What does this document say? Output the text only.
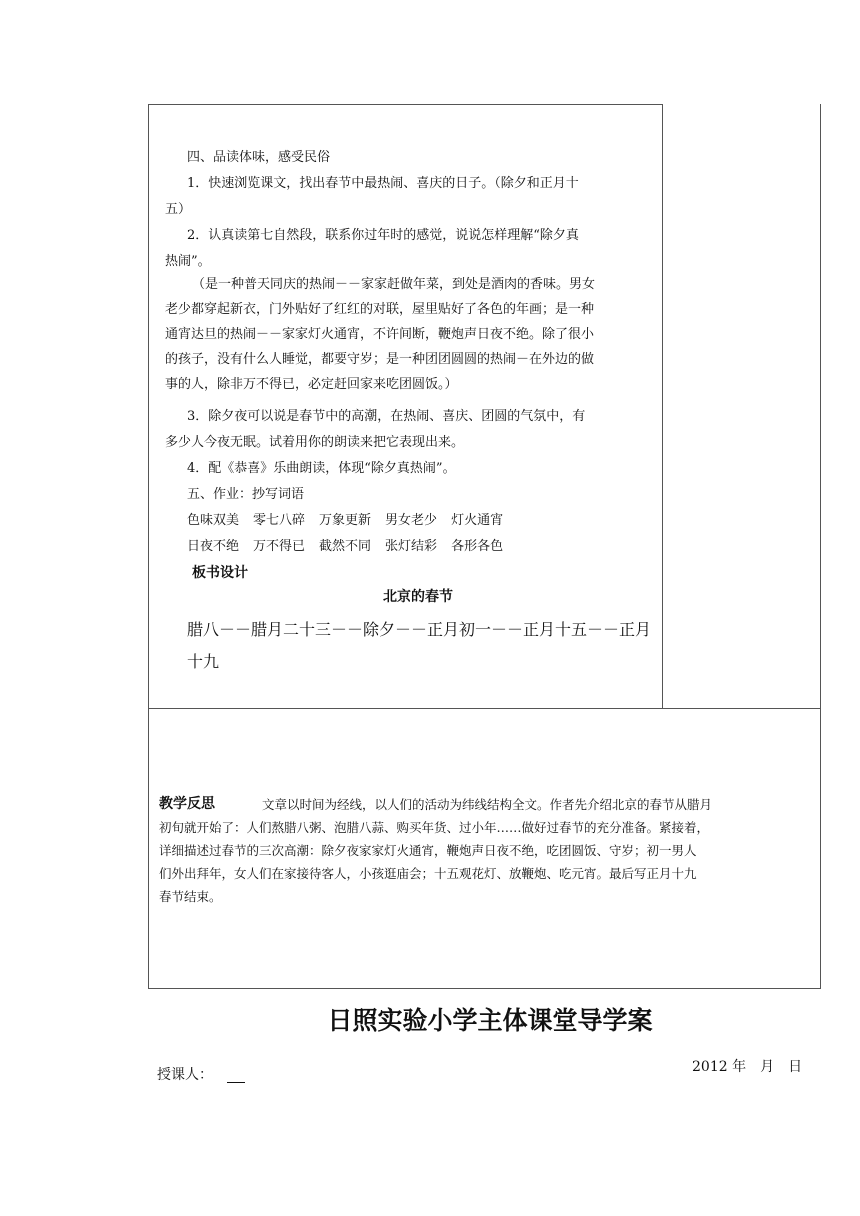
四、品读体味，感受民俗
1．快速浏览课文，找出春节中最热闹、喜庆的日子。（除夕和正月十
五）
2．认真读第七自然段，联系你过年时的感觉，说说怎样理解“除夕真
热闹”。
（是一种普天同庆的热闹－－家家赶做年菜，到处是酒肉的香味。男女
老少都穿起新衣，门外贴好了红红的对联，屋里贴好了各色的年画；是一种
通宵达旦的热闹－－家家灯火通宵，不许间断，鞭炮声日夜不绝。除了很小
的孩子，没有什么人睡觉，都要守岁；是一种团团圆圆的热闹－在外边的做
事的人，除非万不得已，必定赶回家来吃团圆饭。）
3．除夕夜可以说是春节中的高潮，在热闹、喜庆、团圆的气氛中，有
多少人今夜无眠。试着用你的朗读来把它表现出来。
4．配《恭喜》乐曲朗读，体现“除夕真热闹”。
五、作业：抄写词语
色味双美 零七八碎 万象更新 男女老少 灯火通宵
日夜不绝 万不得已 截然不同 张灯结彩 各形各色
板书设计
北京的春节
腊八－－腊月二十三－－除夕－－正月初一－－正月十五－－正月
十九
教学反思	文章以时间为经线，以人们的活动为纬线结构全文。作者先介绍北京的春节从腊月
初旬就开始了：人们熬腊八粥、泡腊八蒜、购买年货、过小年……做好过春节的充分准备。紧接着，
详细描述过春节的三次高潮：除夕夜家家灯火通宵，鞭炮声日夜不绝，吃团圆饭、守岁；初一男人
们外出拜年，女人们在家接待客人，小孩逛庙会；十五观花灯、放鞭炮、吃元宵。最后写正月十九
春节结束。
日照实验小学主体课堂导学案
2012 年　月　日
授课人：
